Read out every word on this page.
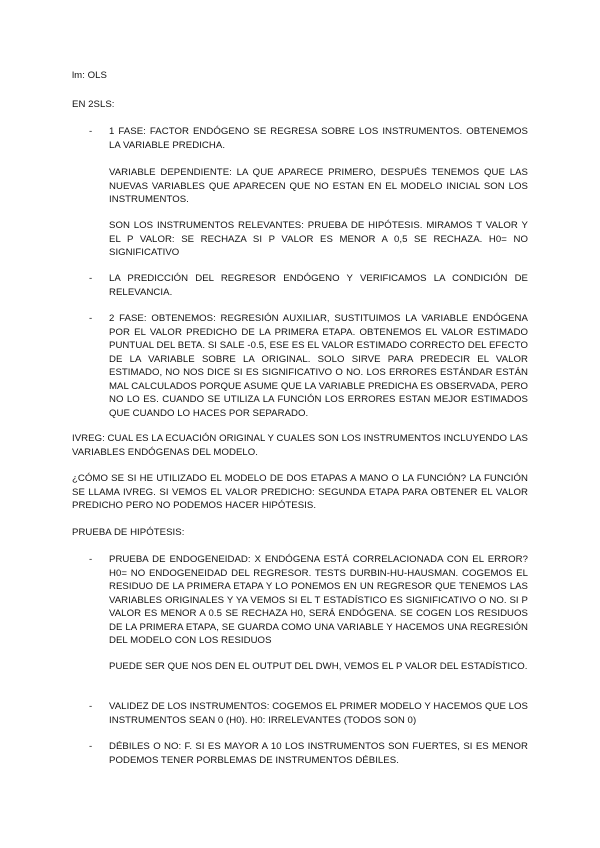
lm: OLS

EN 2SLS:

- 1 FASE: FACTOR ENDÓGENO SE REGRESA SOBRE LOS INSTRUMENTOS. OBTENEMOS LA VARIABLE PREDICHA.

VARIABLE DEPENDIENTE: LA QUE APARECE PRIMERO, DESPUÉS TENEMOS QUE LAS NUEVAS VARIABLES QUE APARECEN QUE NO ESTAN EN EL MODELO INICIAL SON LOS INSTRUMENTOS.

SON LOS INSTRUMENTOS RELEVANTES: PRUEBA DE HIPÓTESIS. MIRAMOS T VALOR Y EL P VALOR: SE RECHAZA SI P VALOR ES MENOR A 0,5 SE RECHAZA. H0= NO SIGNIFICATIVO

- LA PREDICCIÓN DEL REGRESOR ENDÓGENO Y VERIFICAMOS LA CONDICIÓN DE RELEVANCIA.

- 2 FASE: OBTENEMOS: REGRESIÓN AUXILIAR, SUSTITUIMOS LA VARIABLE ENDÓGENA POR EL VALOR PREDICHO DE LA PRIMERA ETAPA. OBTENEMOS EL VALOR ESTIMADO PUNTUAL DEL BETA. SI SALE -0.5, ESE ES EL VALOR ESTIMADO CORRECTO DEL EFECTO DE LA VARIABLE SOBRE LA ORIGINAL. SOLO SIRVE PARA PREDECIR EL VALOR ESTIMADO, NO NOS DICE SI ES SIGNIFICATIVO O NO. LOS ERRORES ESTÁNDAR ESTÁN MAL CALCULADOS PORQUE ASUME QUE LA VARIABLE PREDICHA ES OBSERVADA, PERO NO LO ES. CUANDO SE UTILIZA LA FUNCIÓN LOS ERRORES ESTAN MEJOR ESTIMADOS QUE CUANDO LO HACES POR SEPARADO.

IVREG: CUAL ES LA ECUACIÓN ORIGINAL Y CUALES SON LOS INSTRUMENTOS INCLUYENDO LAS VARIABLES ENDÓGENAS DEL MODELO.

¿CÓMO SE SI HE UTILIZADO EL MODELO DE DOS ETAPAS A MANO O LA FUNCIÓN? LA FUNCIÓN SE LLAMA IVREG. SI VEMOS EL VALOR PREDICHO: SEGUNDA ETAPA PARA OBTENER EL VALOR PREDICHO PERO NO PODEMOS HACER HIPÓTESIS.

PRUEBA DE HIPÓTESIS:

- PRUEBA DE ENDOGENEIDAD: X ENDÓGENA ESTÁ CORRELACIONADA CON EL ERROR? H0= NO ENDOGENEIDAD DEL REGRESOR. TESTS DURBIN-HU-HAUSMAN. COGEMOS EL RESIDUO DE LA PRIMERA ETAPA Y LO PONEMOS EN UN REGRESOR QUE TENEMOS LAS VARIABLES ORIGINALES Y YA VEMOS SI EL T ESTADÍSTICO ES SIGNIFICATIVO O NO. SI P VALOR ES MENOR A 0.5 SE RECHAZA H0, SERÁ ENDÓGENA. SE COGEN LOS RESIDUOS DE LA PRIMERA ETAPA, SE GUARDA COMO UNA VARIABLE Y HACEMOS UNA REGRESIÓN DEL MODELO CON LOS RESIDUOS

PUEDE SER QUE NOS DEN EL OUTPUT DEL DWH, VEMOS EL P VALOR DEL ESTADÍSTICO.

- VALIDEZ DE LOS INSTRUMENTOS: COGEMOS EL PRIMER MODELO Y HACEMOS QUE LOS INSTRUMENTOS SEAN 0 (H0). H0: IRRELEVANTES (TODOS SON 0)

- DÉBILES O NO: F. SI ES MAYOR A 10 LOS INSTRUMENTOS SON FUERTES, SI ES MENOR PODEMOS TENER PORBLEMAS DE INSTRUMENTOS DÉBILES.
